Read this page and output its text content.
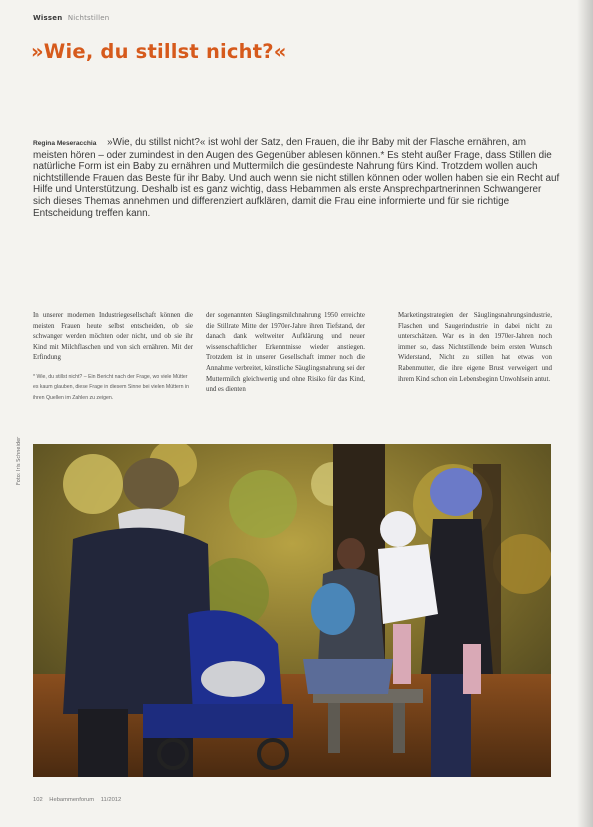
Wissen Nichtstillen
»Wie, du stillst nicht?«
Regina Meseracchia »Wie, du stillst nicht?« ist wohl der Satz, den Frauen, die ihr Baby mit der Flasche ernähren, am meisten hören – oder zumindest in den Augen des Gegenüber ablesen können.* Es steht außer Frage, dass Stillen die natürliche Form ist ein Baby zu ernähren und Muttermilch die gesündeste Nahrung fürs Kind. Trotzdem wollen auch nichtstillende Frauen das Beste für ihr Baby. Und auch wenn sie nicht stillen können oder wollen haben sie ein Recht auf Hilfe und Unterstützung. Deshalb ist es ganz wichtig, dass Hebammen als erste Ansprechpartnerinnen Schwangerer sich dieses Themas annehmen und differenziert aufklären, damit die Frau eine informierte und für sie richtige Entscheidung treffen kann.
In unserer modernen Industriegesellschaft können die meisten Frauen heute selbst entscheiden, ob sie schwanger werden möchten oder nicht, und ob sie ihr Kind mit Milchflaschen und von sich ernähren. Mit der Erfindung
* Wie, du stillst nicht? – Ein Bericht nach der Frage, wo viele Mütter es kaum glauben, diese Frage in diesem Sinne bei vielen Müttern in ihren Quellen im Zahlen zu zeigen.
der sogenannten Säuglingsmilchnahrung 1950 erreichte die Stillrate Mitte der 1970er-Jahre ihren Tiefstand, der danach dank weltweiter Aufklärung und neuer wissenschaftlicher Erkenntnisse wieder anstiegen. Trotzdem ist in unserer Gesellschaft immer noch die Annahme verbreitet, künstliche Säuglingsnahrung sei der Muttermilch gleichwertig und ohne Risiko für das Kind, und es dienten
Marketingstrategien der Säuglingsnahrungsindustrie, Flaschen und Saugerindustrie in dabei nicht zu unterschätzen. War es in den 1970er-Jahren noch immer so, dass Nichtstillende beim ersten Wunsch Widerstand, Nicht zu stillen hat etwas von Rabenmutter, die ihre eigene Brust verweigert und ihrem Kind schon ein Lebensbeginn Unwohlsein antut.
Foto: Iris Schneider
102 Hebammenforum 11/2012
